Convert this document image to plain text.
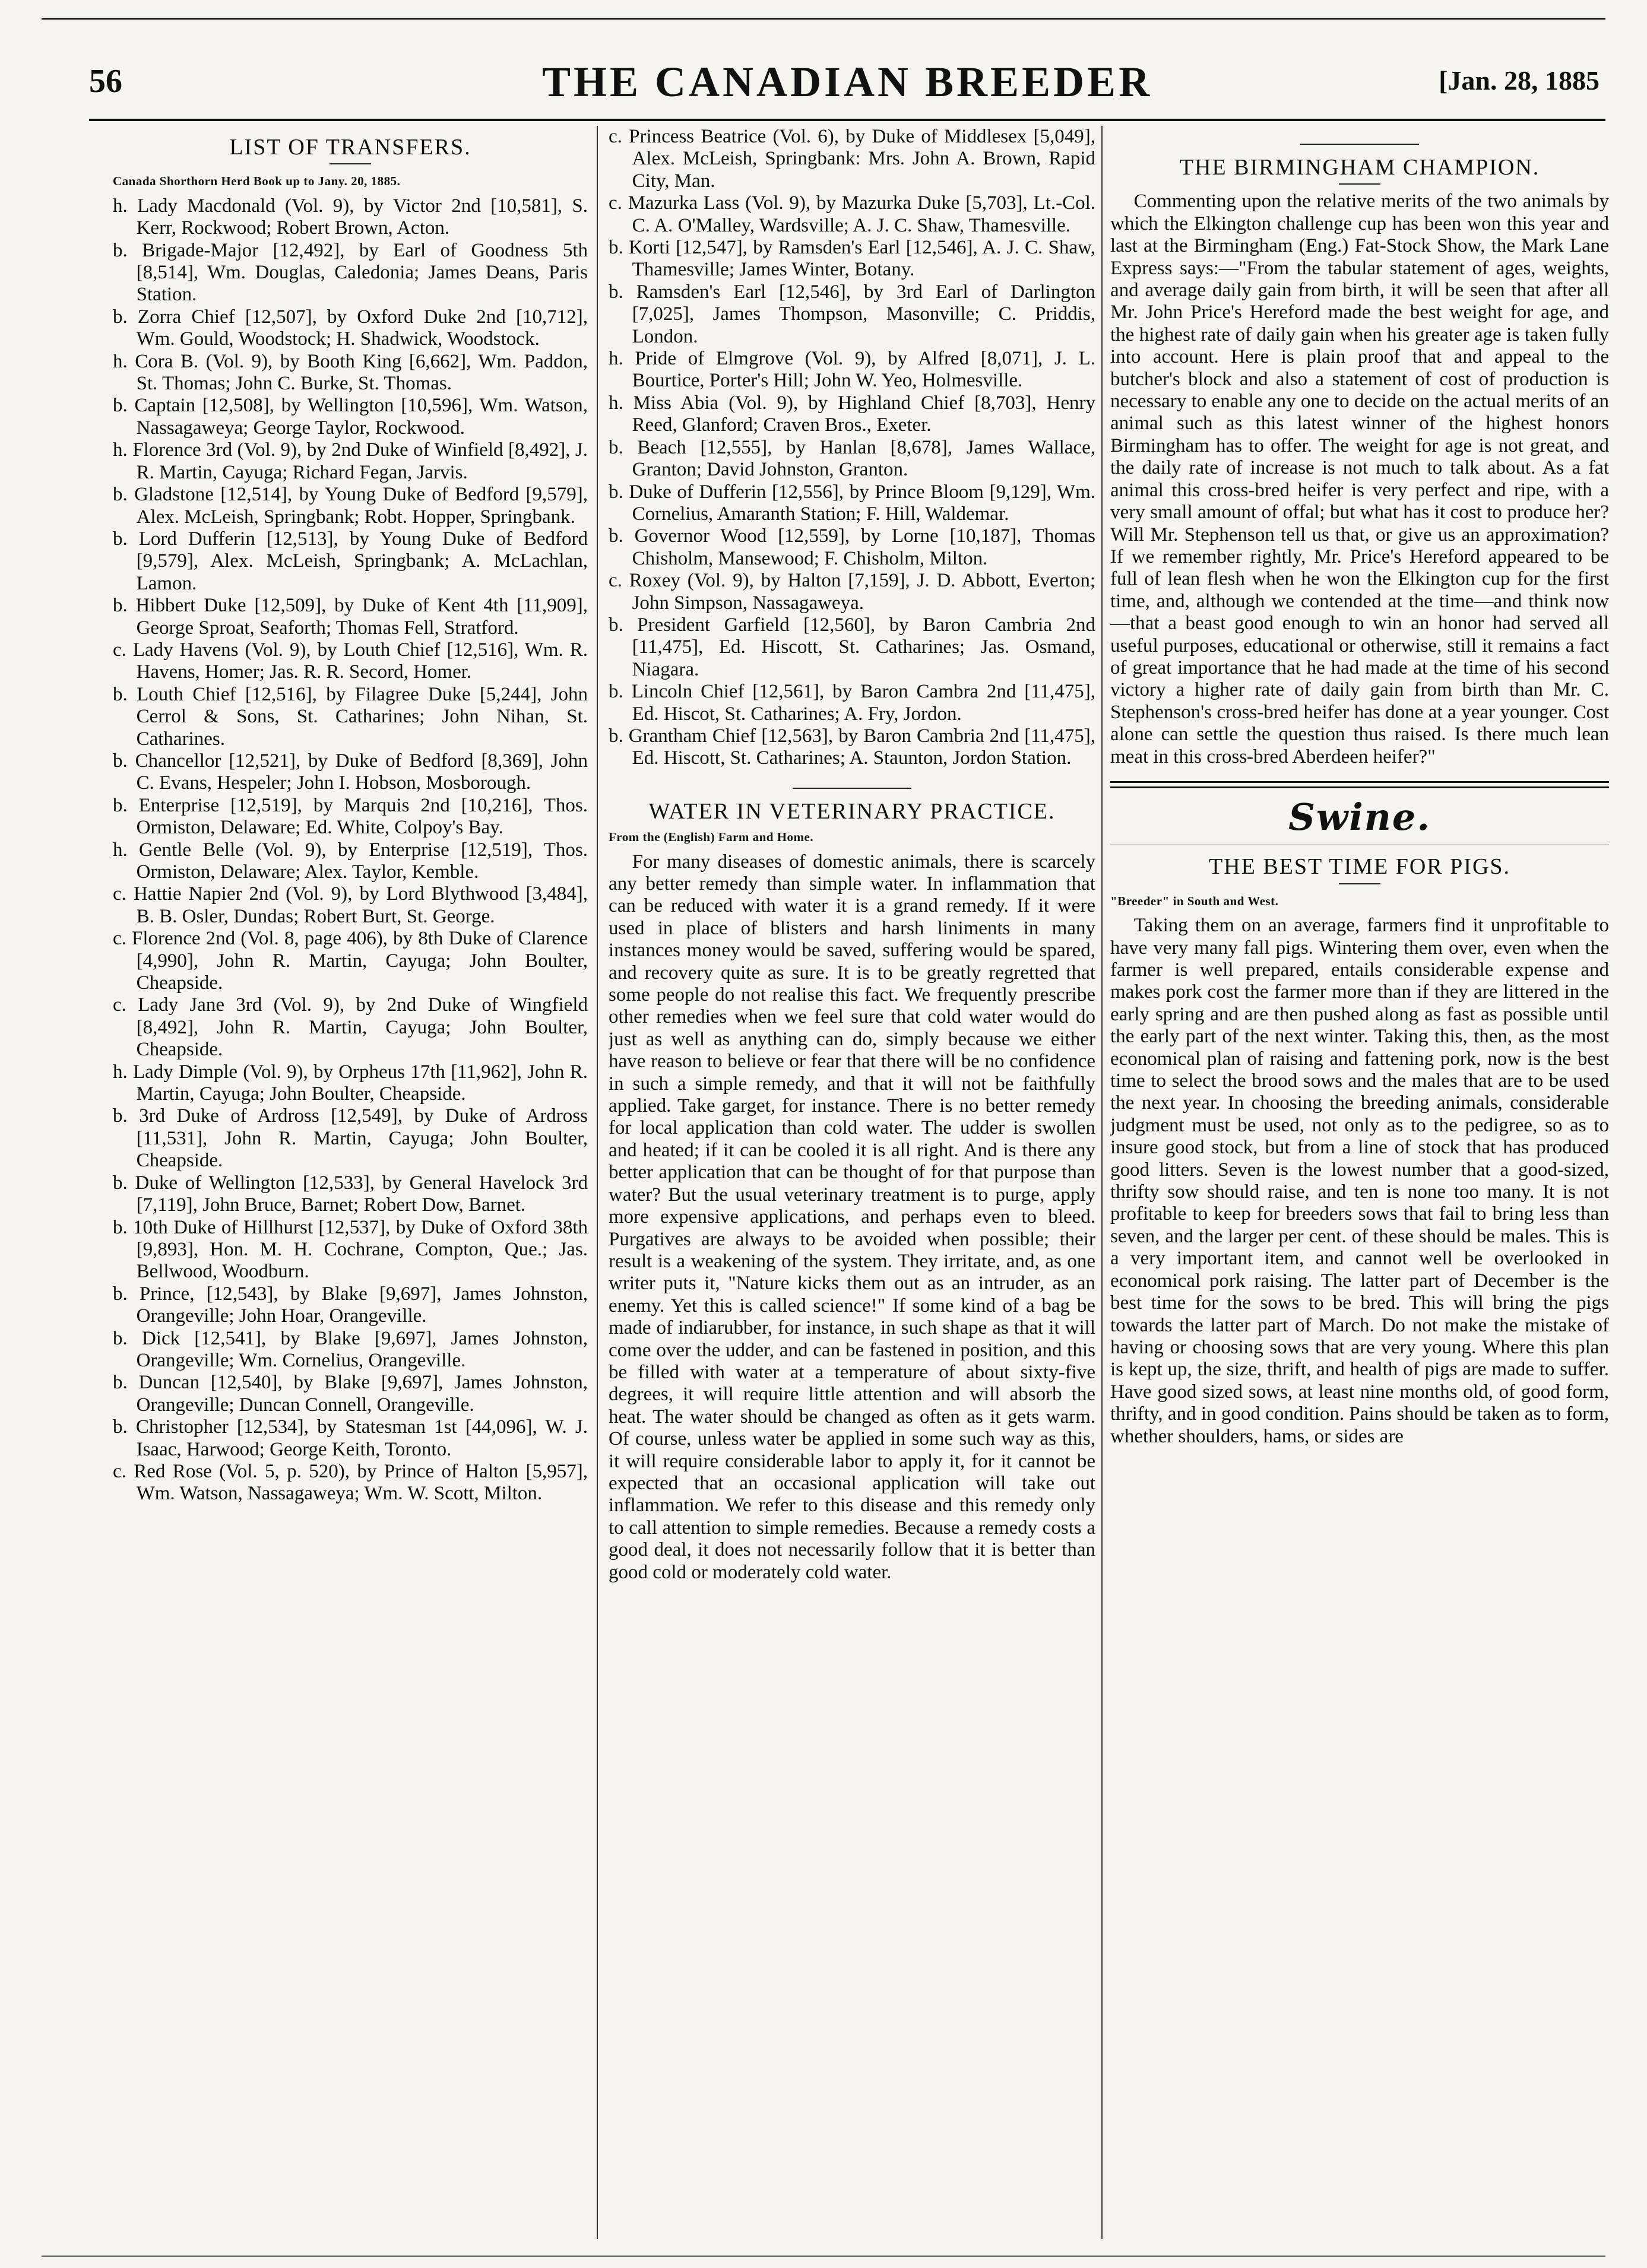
56	THE CANADIAN BREEDER	[Jan. 28, 1885
LIST OF TRANSFERS.
Canada Shorthorn Herd Book up to Jany. 20, 1885.

h. Lady Macdonald (Vol. 9), by Victor 2nd [10,581], S. Kerr, Rockwood; Robert Brown, Acton.

b. Brigade-Major [12,492], by Earl of Goodness 5th [8,514], Wm. Douglas, Caledonia; James Deans, Paris Station.

b. Zorra Chief [12,507], by Oxford Duke 2nd [10,712], Wm. Gould, Woodstock; H. Shadwick, Woodstock.

h. Cora B. (Vol. 9), by Booth King [6,662], Wm. Paddon, St. Thomas; John C. Burke, St. Thomas.

b. Captain [12,508], by Wellington [10,596], Wm. Watson, Nassagaweya; George Taylor, Rockwood.

h. Florence 3rd (Vol. 9), by 2nd Duke of Winfield [8,492], J. R. Martin, Cayuga; Richard Fegan, Jarvis.

b. Gladstone [12,514], by Young Duke of Bedford [9,579], Alex. McLeish, Springbank; Robt. Hopper, Springbank.

b. Lord Dufferin [12,513], by Young Duke of Bedford [9,579], Alex. McLeish, Springbank; A. McLachlan, Lamon.

b. Hibbert Duke [12,509], by Duke of Kent 4th [11,909], George Sproat, Seaforth; Thomas Fell, Stratford.

c. Lady Havens (Vol. 9), by Louth Chief [12,516], Wm. R. Havens, Homer; Jas. R. R. Secord, Homer.

b. Louth Chief [12,516], by Filagree Duke [5,244], John Cerrol & Sons, St. Catharines; John Nihan, St. Catharines.

b. Chancellor [12,521], by Duke of Bedford [8,369], John C. Evans, Hespeler; John I. Hobson, Mosborough.

b. Enterprise [12,519], by Marquis 2nd [10,216], Thos. Ormiston, Delaware; Ed. White, Colpoy's Bay.

h. Gentle Belle (Vol. 9), by Enterprise [12,519], Thos. Ormiston, Delaware; Alex. Taylor, Kemble.

c. Hattie Napier 2nd (Vol. 9), by Lord Blythwood [3,484], B. B. Osler, Dundas; Robert Burt, St. George.

c. Florence 2nd (Vol. 8, page 406), by 8th Duke of Clarence [4,990], John R. Martin, Cayuga; John Boulter, Cheapside.

c. Lady Jane 3rd (Vol. 9), by 2nd Duke of Wingfield [8,492], John R. Martin, Cayuga; John Boulter, Cheapside.

h. Lady Dimple (Vol. 9), by Orpheus 17th [11,962], John R. Martin, Cayuga; John Boulter, Cheapside.

b. 3rd Duke of Ardross [12,549], by Duke of Ardross [11,531], John R. Martin, Cayuga; John Boulter, Cheapside.

b. Duke of Wellington [12,533], by General Havelock 3rd [7,119], John Bruce, Barnet; Robert Dow, Barnet.

b. 10th Duke of Hillhurst [12,537], by Duke of Oxford 38th [9,893], Hon. M. H. Cochrane, Compton, Que.; Jas. Bellwood, Woodburn.

b. Prince, [12,543], by Blake [9,697], James Johnston, Orangeville; John Hoar, Orangeville.

b. Dick [12,541], by Blake [9,697], James Johnston, Orangeville; Wm. Cornelius, Orangeville.

b. Duncan [12,540], by Blake [9,697], James Johnston, Orangeville; Duncan Connell, Orangeville.

b. Christopher [12,534], by Statesman 1st [44,096], W. J. Isaac, Harwood; George Keith, Toronto.

c. Red Rose (Vol. 5, p. 520), by Prince of Halton [5,957], Wm. Watson, Nassagaweya; Wm. W. Scott, Milton.

c. Princess Beatrice (Vol. 6), by Duke of Middlesex [5,049], Alex. McLeish, Springbank: Mrs. John A. Brown, Rapid City, Man.

c. Mazurka Lass (Vol. 9), by Mazurka Duke [5,703], Lt.-Col. C. A. O'Malley, Wardsville; A. J. C. Shaw, Thamesville.

b. Korti [12,547], by Ramsden's Earl [12,546], A. J. C. Shaw, Thamesville; James Winter, Botany.

b. Ramsden's Earl [12,546], by 3rd Earl of Darlington [7,025], James Thompson, Masonville; C. Priddis, London.

h. Pride of Elmgrove (Vol. 9), by Alfred [8,071], J. L. Bourtice, Porter's Hill; John W. Yeo, Holmesville.

h. Miss Abia (Vol. 9), by Highland Chief [8,703], Henry Reed, Glanford; Craven Bros., Exeter.

b. Beach [12,555], by Hanlan [8,678], James Wallace, Granton; David Johnston, Granton.

b. Duke of Dufferin [12,556], by Prince Bloom [9,129], Wm. Cornelius, Amaranth Station; F. Hill, Waldemar.

b. Governor Wood [12,559], by Lorne [10,187], Thomas Chisholm, Mansewood; F. Chisholm, Milton.

c. Roxey (Vol. 9), by Halton [7,159], J. D. Abbott, Everton; John Simpson, Nassagaweya.

b. President Garfield [12,560], by Baron Cambria 2nd [11,475], Ed. Hiscott, St. Catharines; Jas. Osmand, Niagara.

b. Lincoln Chief [12,561], by Baron Cambra 2nd [11,475], Ed. Hiscot, St. Catharines; A. Fry, Jordon.

b. Grantham Chief [12,563], by Baron Cambria 2nd [11,475], Ed. Hiscott, St. Catharines; A. Staunton, Jordon Station.

WATER IN VETERINARY PRACTICE.
From the (English) Farm and Home.

For many diseases of domestic animals, there is scarcely any better remedy than simple water. In inflammation that can be reduced with water it is a grand remedy. If it were used in place of blisters and harsh liniments in many instances money would be saved, suffering would be spared, and recovery quite as sure. It is to be greatly regretted that some people do not realise this fact. We frequently prescribe other remedies when we feel sure that cold water would do just as well as anything can do, simply because we either have reason to believe or fear that there will be no confidence in such a simple remedy, and that it will not be faithfully applied. Take garget, for instance. There is no better remedy for local application than cold water. The udder is swollen and heated; if it can be cooled it is all right. And is there any better application that can be thought of for that purpose than water? But the usual veterinary treatment is to purge, apply more expensive applications, and perhaps even to bleed. Purgatives are always to be avoided when possible; their result is a weakening of the system. They irritate, and, as one writer puts it, "Nature kicks them out as an intruder, as an enemy. Yet this is called science!" If some kind of a bag be made of indiarubber, for instance, in such shape as that it will come over the udder, and can be fastened in position, and this be filled with water at a temperature of about sixty-five degrees, it will require little attention and will absorb the heat. The water should be changed as often as it gets warm. Of course, unless water be applied in some such way as this, it will require considerable labor to apply it, for it cannot be expected that an occasional application will take out inflammation. We refer to this disease and this remedy only to call attention to simple remedies. Because a remedy costs a good deal, it does not necessarily follow that it is better than good cold or moderately cold water.

THE BIRMINGHAM CHAMPION.

Commenting upon the relative merits of the two animals by which the Elkington challenge cup has been won this year and last at the Birmingham (Eng.) Fat-Stock Show, the Mark Lane Express says:—"From the tabular statement of ages, weights, and average daily gain from birth, it will be seen that after all Mr. John Price's Hereford made the best weight for age, and the highest rate of daily gain when his greater age is taken fully into account. Here is plain proof that and appeal to the butcher's block and also a statement of cost of production is necessary to enable any one to decide on the actual merits of an animal such as this latest winner of the highest honors Birmingham has to offer. The weight for age is not great, and the daily rate of increase is not much to talk about. As a fat animal this cross-bred heifer is very perfect and ripe, with a very small amount of offal; but what has it cost to produce her? Will Mr. Stephenson tell us that, or give us an approximation? If we remember rightly, Mr. Price's Hereford appeared to be full of lean flesh when he won the Elkington cup for the first time, and, although we contended at the time—and think now—that a beast good enough to win an honor had served all useful purposes, educational or otherwise, still it remains a fact of great importance that he had made at the time of his second victory a higher rate of daily gain from birth than Mr. C. Stephenson's cross-bred heifer has done at a year younger. Cost alone can settle the question thus raised. Is there much lean meat in this cross-bred Aberdeen heifer?"

Swine.
THE BEST TIME FOR PIGS.
"Breeder" in South and West.

Taking them on an average, farmers find it unprofitable to have very many fall pigs. Wintering them over, even when the farmer is well prepared, entails considerable expense and makes pork cost the farmer more than if they are littered in the early spring and are then pushed along as fast as possible until the early part of the next winter. Taking this, then, as the most economical plan of raising and fattening pork, now is the best time to select the brood sows and the males that are to be used the next year. In choosing the breeding animals, considerable judgment must be used, not only as to the pedigree, so as to insure good stock, but from a line of stock that has produced good litters. Seven is the lowest number that a good-sized, thrifty sow should raise, and ten is none too many. It is not profitable to keep for breeders sows that fail to bring less than seven, and the larger per cent. of these should be males. This is a very important item, and cannot well be overlooked in economical pork raising. The latter part of December is the best time for the sows to be bred. This will bring the pigs towards the latter part of March. Do not make the mistake of having or choosing sows that are very young. Where this plan is kept up, the size, thrift, and health of pigs are made to suffer. Have good sized sows, at least nine months old, of good form, thrifty, and in good condition. Pains should be taken as to form, whether shoulders, hams, or sides are
